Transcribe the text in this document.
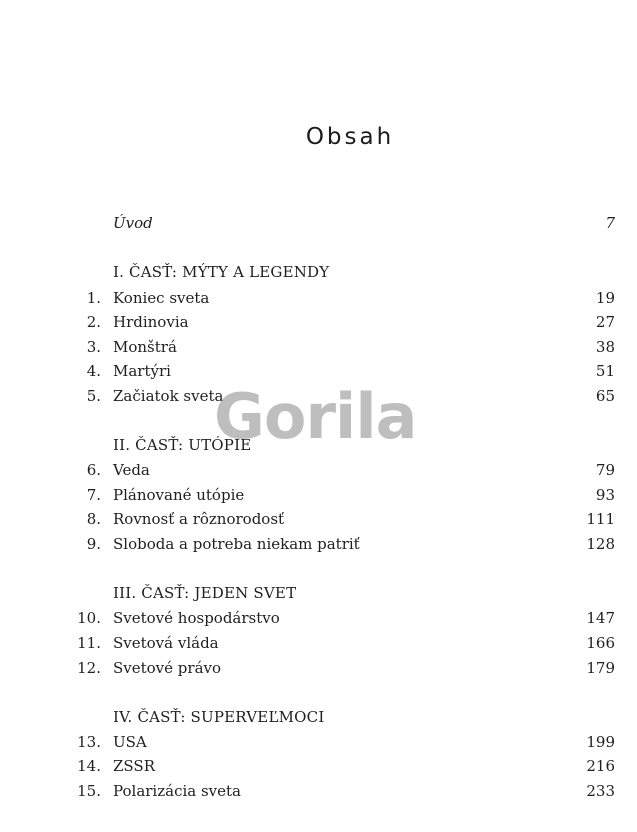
Obsah
Úvod	7
I. ČASŤ: MÝTY A LEGENDY
1. Koniec sveta	19
2. Hrdinovia	27
3. Monštrá	38
4. Martýri	51
5. Začiatok sveta	65
II. ČASŤ: UTÓPIE
6. Veda	79
7. Plánované utópie	93
8. Rovnosť a rôznorodosť	111
9. Sloboda a potreba niekam patriť	128
III. ČASŤ: JEDEN SVET
10. Svetové hospodárstvo	147
11. Svetová vláda	166
12. Svetové právo	179
IV. ČASŤ: SUPERVEĽMOCI
13. USA	199
14. ZSSR	216
15. Polarizácia sveta	233
Gorila
